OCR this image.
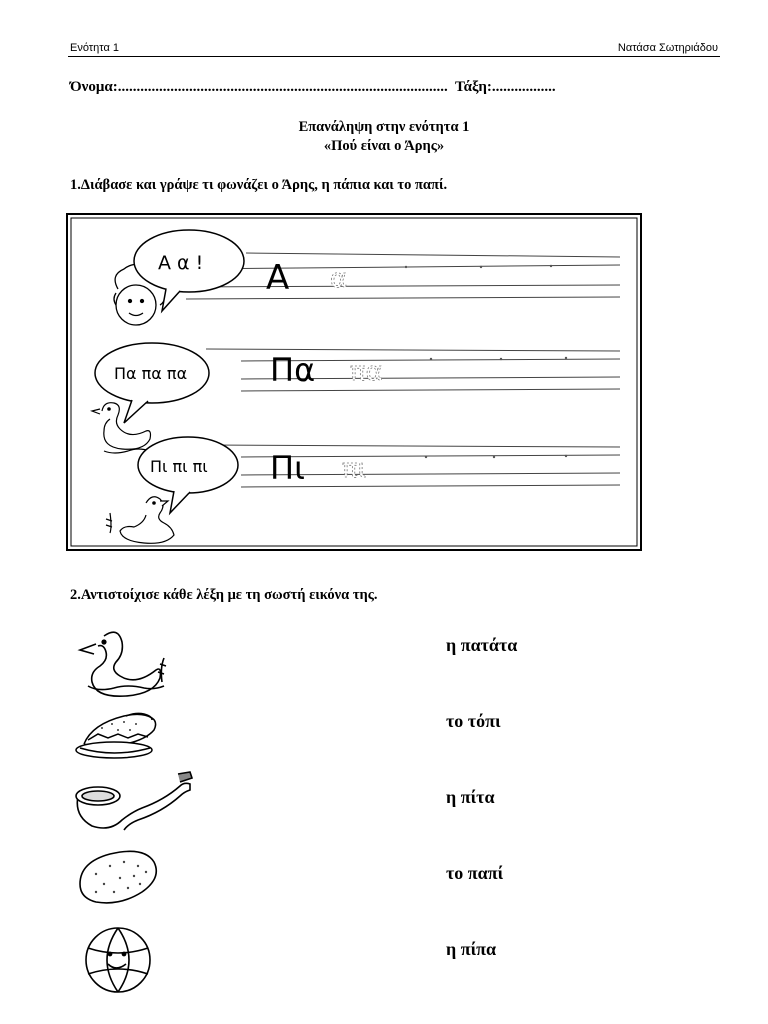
Ενότητα 1	Νατάσα Σωτηριάδου
Όνομα:........................................................................................  Τάξη:.................
Επανάληψη στην ενότητα 1
«Πού είναι ο Άρης»
1.Διάβασε και γράψε τι φωνάζει ο Άρης, η πάπια και το παπί.
Α α ! Α α
Πα πα πα	Πα πα
Πι πι πι Πι πι
2.Αντιστοίχισε κάθε λέξη με τη σωστή εικόνα της.
η πατάτα
το τόπι
η πίτα
το παπί
η πίπα
